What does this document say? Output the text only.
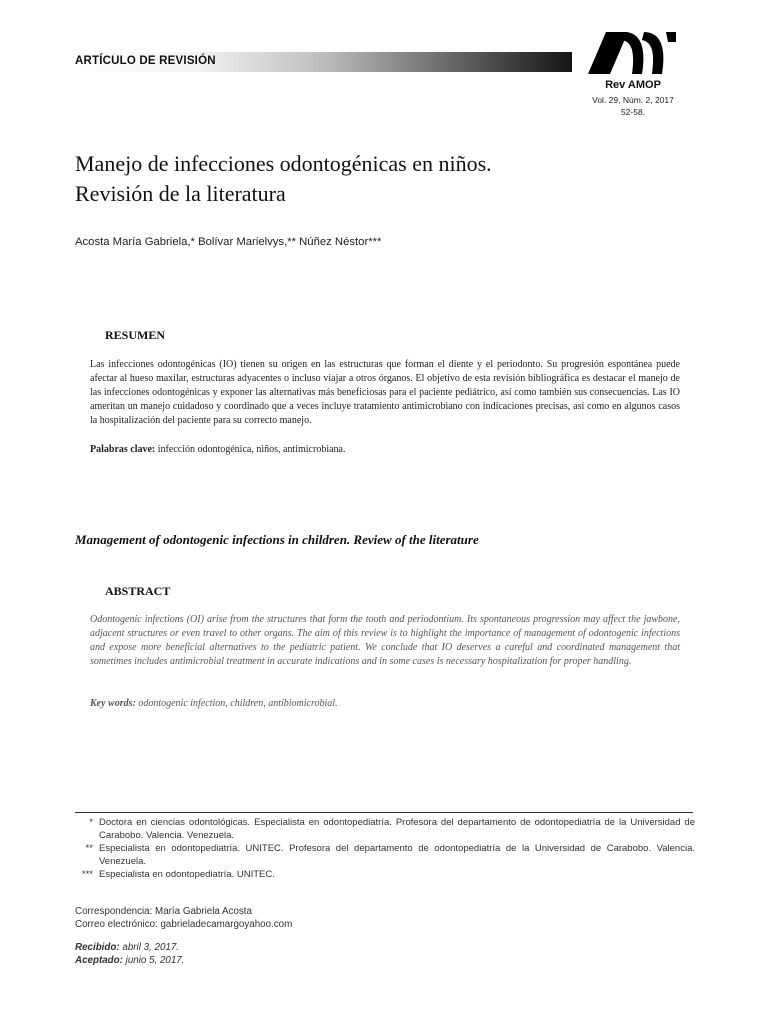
ARTÍCULO DE REVISIÓN
Rev AMOP
Vol. 29, Núm. 2, 2017
52-58.
Manejo de infecciones odontogénicas en niños.
Revisión de la literatura
Acosta María Gabriela,* Bolívar Marielvys,** Núñez Néstor***
RESUMEN

Las infecciones odontogénicas (IO) tienen su origen en las estructuras que forman el diente y el periodonto. Su progresión espontánea puede afectar al hueso maxilar, estructuras adyacentes o incluso viajar a otros órganos. El objetivo de esta revisión bibliográfica es destacar el manejo de las infecciones odontogénicas y exponer las alternativas más beneficiosas para el paciente pediátrico, así como también sus consecuencias. Las IO ameritan un manejo cuidadoso y coordinado que a veces incluye tratamiento antimicrobiano con indicaciones precisas, así como en algunos casos la hospitalización del paciente para su correcto manejo.

Palabras clave: infección odontogénica, niños, antimicrobiana.

Management of odontogenic infections in children. Review of the literature
ABSTRACT

Odontogenic infections (OI) arise from the structures that form the tooth and periodontium. Its spontaneous progression may affect the jawbone, adjacent structures or even travel to other organs. The aim of this review is to highlight the importance of management of odontogenic infections and expose more beneficial alternatives to the pediatric patient. We conclude that IO deserves a careful and coordinated management that sometimes includes antimicrobial treatment in accurate indications and in some cases is necessary hospitalization for proper handling.

Key words: odontogenic infection, children, antibiomicrobial.

* Doctora en ciencias odontológicas. Especialista en odontopediatría. Profesora del departamento de odontopediatría de la Universidad de Carabobo. Valencia. Venezuela.
** Especialista en odontopediatría. UNITEC. Profesora del departamento de odontopediatría de la Universidad de Carabobo. Valencia. Venezuela.
*** Especialista en odontopediatría. UNITEC.
Correspondencia: María Gabriela Acosta
Correo electrónico: gabrieladecamargoyahoo.com
Recibido: abril 3, 2017.
Aceptado: junio 5, 2017.
